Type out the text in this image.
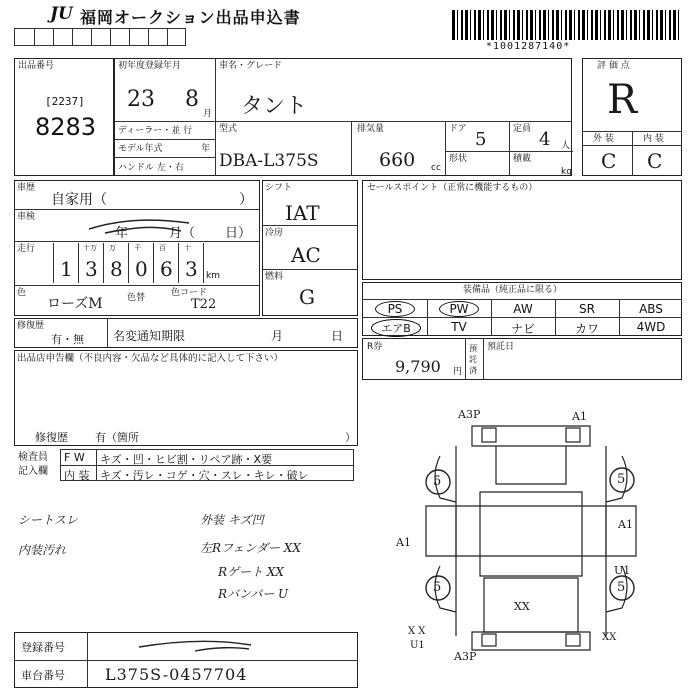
JU 福岡オークション出品申込書
*1001287140*
出品番号
[2237]
8283
初年度登録年月
23 8
月
車名・グレード
タント
ディーラー・並 行
モデル年式	年
ハンドル 左・右
型式
DBA-L375S
排気量
660 cc
ドア 5	定員 4 人
形状	積載
kg
評 価 点
R
外 装	内 装
C C
車歴
自家用（	）
車検
年	月（ 日）
走行	十万 万	千	百	十
1 3 8 0 6 3 km
色
ローズM	色替	色コード
T22
シフト
IAT
冷房
AC
燃料
G
セールスポイント（正常に機能するもの）
装備品（純正品に限る）
PS	PW	AW	SR	ABS
エアB	TV	ナビ	カワ	4WD
修復歴
有・無 名変通知期限	月	日
R券
9,790 円
預託済
預託日
出品店申告欄（不良内容・欠品など具体的に記入して下さい）
修復歴 有（箇所	）
検査員
記入欄
F W キズ・凹・ヒビ割・リペア跡・X要
内 装 キズ・汚レ・コゲ・穴・スレ・キレ・破レ
シートスレ
内装汚れ
外装 キズ凹
左Rフェンダー XX
Rゲート XX
Rバンパー U
5	5
5	5
A3P	A1
A1
U1
A1
XX
A3P
X X
U1
XX
登録番号
車台番号	L375S-0457704
